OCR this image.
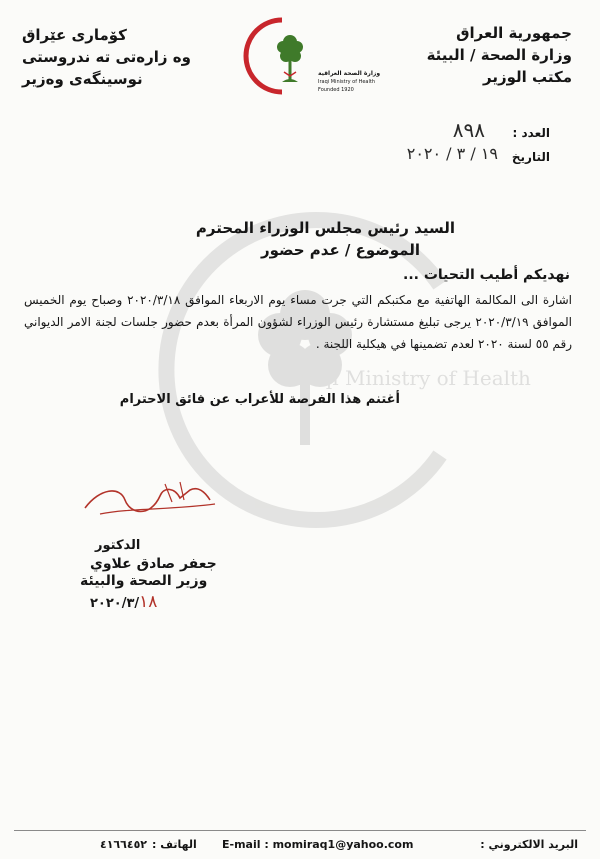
جمهورية العراق
وزارة الصحة / البيئة
مكتب الوزير
كۆماری عێراق
وە زارەتی تە ندروستی
نوسینگەی وەزیر	وزارة الصحة العراقية
Iraqi Ministry of Health
Founded 1920
العدد :
٨٩٨
التاريخ
١٩ / ٣ / ٢٠٢٠
Iraqi Ministry of Health
السيد رئيس مجلس الوزراء المحترم
الموضوع / عدم حضور
نهديكم أطيب التحيات ...
اشارة الى المكالمة الهاتفية مع مكتبكم التي جرت مساء يوم الاربعاء الموافق ٢٠٢٠/٣/١٨ وصباح يوم الخميس الموافق ٢٠٢٠/٣/١٩ يرجى تبليغ مستشارة رئيس الوزراء لشؤون المرأة بعدم حضور جلسات لجنة الامر الديواني رقم ٥٥ لسنة ٢٠٢٠ لعدم تضمينها في هيكلية اللجنة .
أغتنم هذا الفرصة للأعراب عن فائق الاحترام
الدكتور
جعفر صادق علاوي
وزير الصحة والبيئة
٢٠٢٠/٣/١٨
البريد الالكتروني :
E-mail : momiraq1@yahoo.com
الهاتف :
٤١٦٦٤٥٢
